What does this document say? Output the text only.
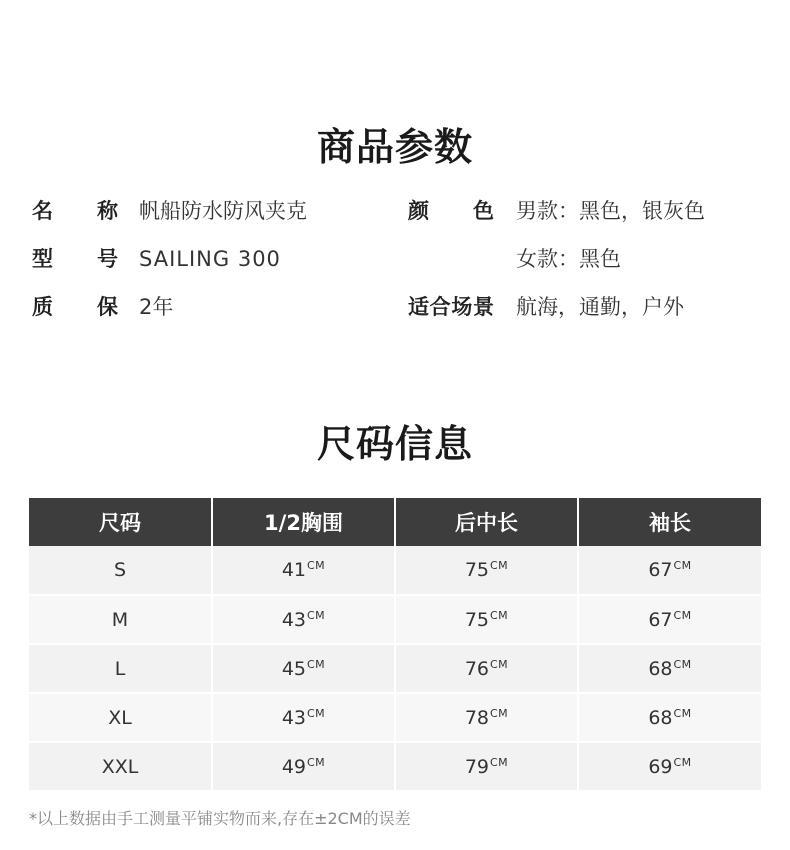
商品参数
名　称 帆船防水防风夹克	颜　色 男款：黑色，银灰色
型　号 SAILING 300	女款：黑色
质　保 2年	适合场景 航海，通勤，户外
尺码信息
尺码	1/2胸围	后中长	袖长
S	$41^{CM}$	$75^{CM}$	$67^{CM}$
M	$43^{CM}$	$75^{CM}$	$67^{CM}$
L	$45^{CM}$	$76^{CM}$	$68^{CM}$
XL	$43^{CM}$	$78^{CM}$	$68^{CM}$
XXL	$49^{CM}$	$79^{CM}$	$69^{CM}$
*以上数据由手工测量平铺实物而来,存在±2CM的误差
